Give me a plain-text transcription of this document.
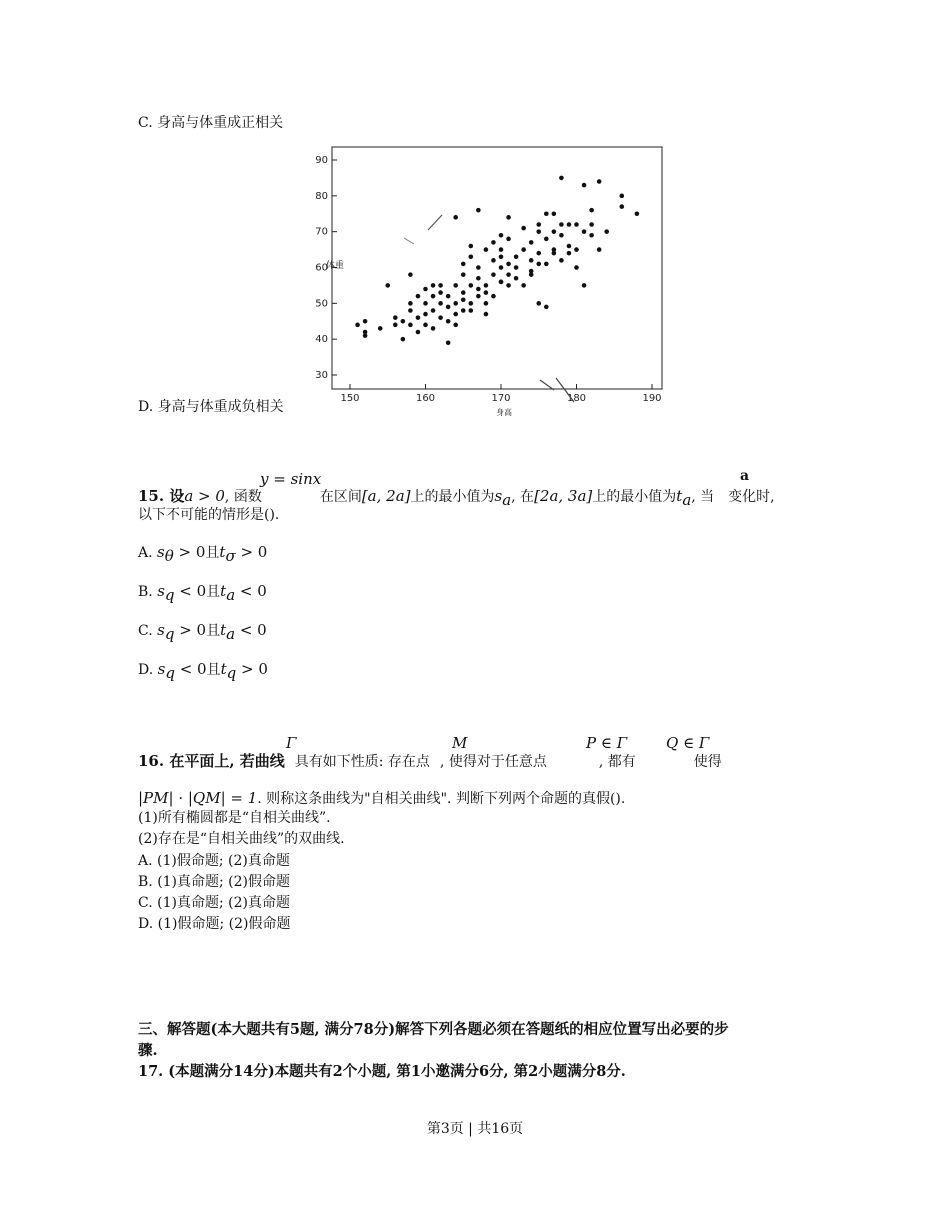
C. 身高与体重成正相关
30
40
50
60
70
80
90
150	160	170	180	190
体重
身高
D. 身高与体重成负相关
y = sinx	a
15. 设a > 0, 函数	在区间[a, 2a]上的最小值为$s_a$, 在[2a, 3a]上的最小值为$t_a$, 当 变化时,
以下不可能的情形是().
A. $s_\theta > 0$且$t_\sigma > 0$
B. $s_q < 0$且$t_a < 0$
C. $s_q > 0$且$t_a < 0$
D. $s_q < 0$且$t_q > 0$
Γ	M	P ∈ Γ	Q ∈ Γ
16. 在平面上, 若曲线 具有如下性质: 存在点 , 使得对于任意点	, 都有	使得
|PM| · |QM| = 1. 则称这条曲线为"自相关曲线". 判断下列两个命题的真假().
(1)所有椭圆都是“自相关曲线”.
(2)存在是“自相关曲线”的双曲线.
A. (1)假命题; (2)真命题
B. (1)真命题; (2)假命题
C. (1)真命题; (2)真命题
D. (1)假命题; (2)假命题
三、解答题(本大题共有5题, 满分78分)解答下列各题必须在答题纸的相应位置写出必要的步
骤.
17. (本题满分14分)本题共有2个小题, 第1小邀满分6分, 第2小题满分8分.
第3页 | 共16页
